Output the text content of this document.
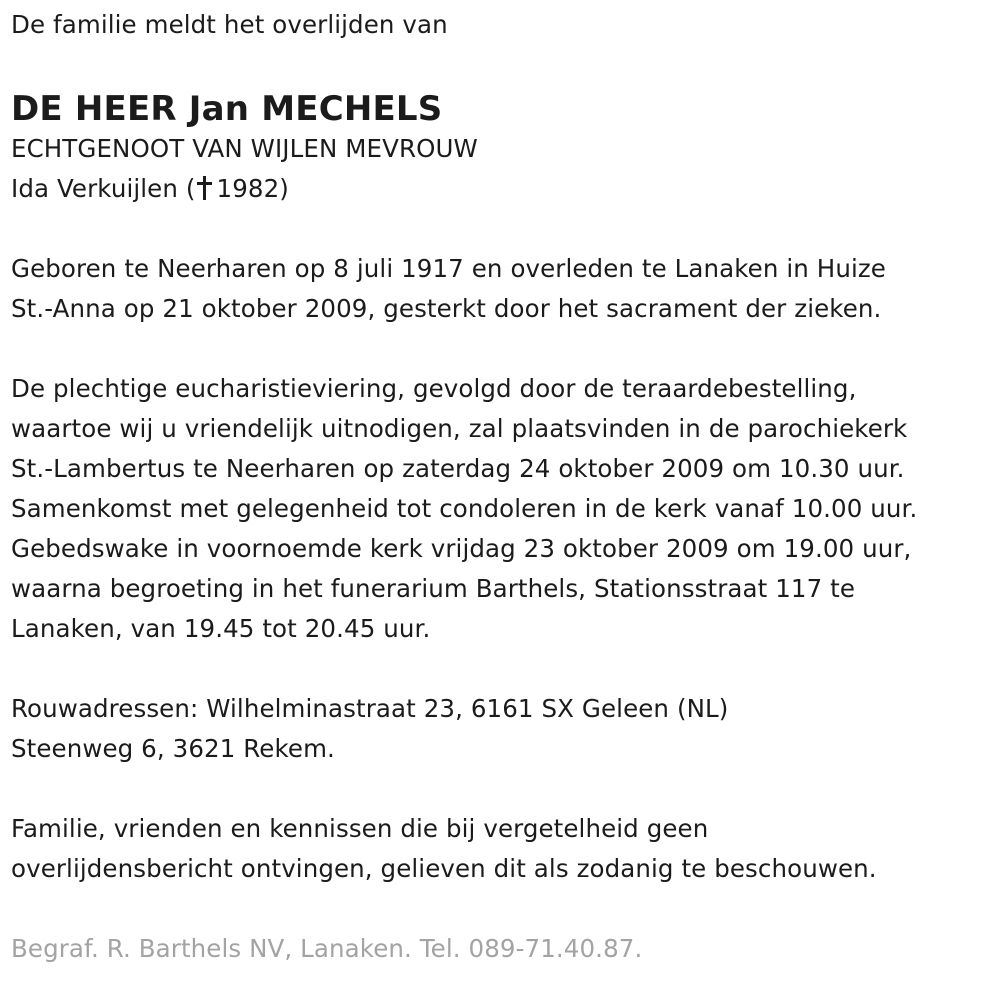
De familie meldt het overlijden van
DE HEER Jan MECHELS
ECHTGENOOT VAN WIJLEN MEVROUW
Ida Verkuijlen ( 1982)
Geboren te Neerharen op 8 juli 1917 en overleden te Lanaken in Huize
St.-Anna op 21 oktober 2009, gesterkt door het sacrament der zieken.
De plechtige eucharistieviering, gevolgd door de teraardebestelling,
waartoe wij u vriendelijk uitnodigen, zal plaatsvinden in de parochiekerk
St.-Lambertus te Neerharen op zaterdag 24 oktober 2009 om 10.30 uur.
Samenkomst met gelegenheid tot condoleren in de kerk vanaf 10.00 uur.
Gebedswake in voornoemde kerk vrijdag 23 oktober 2009 om 19.00 uur,
waarna begroeting in het funerarium Barthels, Stationsstraat 117 te
Lanaken, van 19.45 tot 20.45 uur.
Rouwadressen: Wilhelminastraat 23, 6161 SX Geleen (NL)
Steenweg 6, 3621 Rekem.
Familie, vrienden en kennissen die bij vergetelheid geen
overlijdensbericht ontvingen, gelieven dit als zodanig te beschouwen.
Begraf. R. Barthels NV, Lanaken. Tel. 089-71.40.87.
